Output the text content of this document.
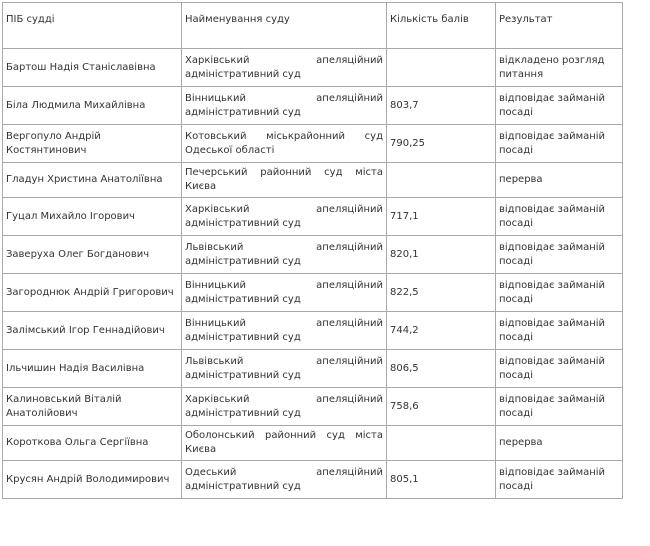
ПІБ судді	Найменування суду	Кількість балів	Результат
Бартош Надія Станіславівна	Харківський апеляційний адміністративний суд		відкладено розгляд питання
Біла Людмила Михайлівна	Вінницький апеляційний адміністративний суд	803,7	відповідає займаній посаді
Вергопуло Андрій Костянтинович	Котовський міськрайонний суд Одеської області	790,25	відповідає займаній посаді
Гладун Христина Анатоліївна	Печерський районний суд міста Києва		перерва
Гуцал Михайло Ігорович	Харківський апеляційний адміністративний суд	717,1	відповідає займаній посаді
Заверуха Олег Богданович	Львівський апеляційний адміністративний суд	820,1	відповідає займаній посаді
Загороднюк Андрій Григорович	Вінницький апеляційний адміністративний суд	822,5	відповідає займаній посаді
Залімський Ігор Геннадійович	Вінницький апеляційний адміністративний суд	744,2	відповідає займаній посаді
Ільчишин Надія Василівна	Львівський апеляційний адміністративний суд	806,5	відповідає займаній посаді
Калиновський Віталій Анатолійович	Харківський апеляційний адміністративний суд	758,6	відповідає займаній посаді
Короткова Ольга Сергіївна	Оболонський районний суд міста Києва		перерва
Крусян Андрій Володимирович	Одеський апеляційний адміністративний суд	805,1	відповідає займаній посаді
